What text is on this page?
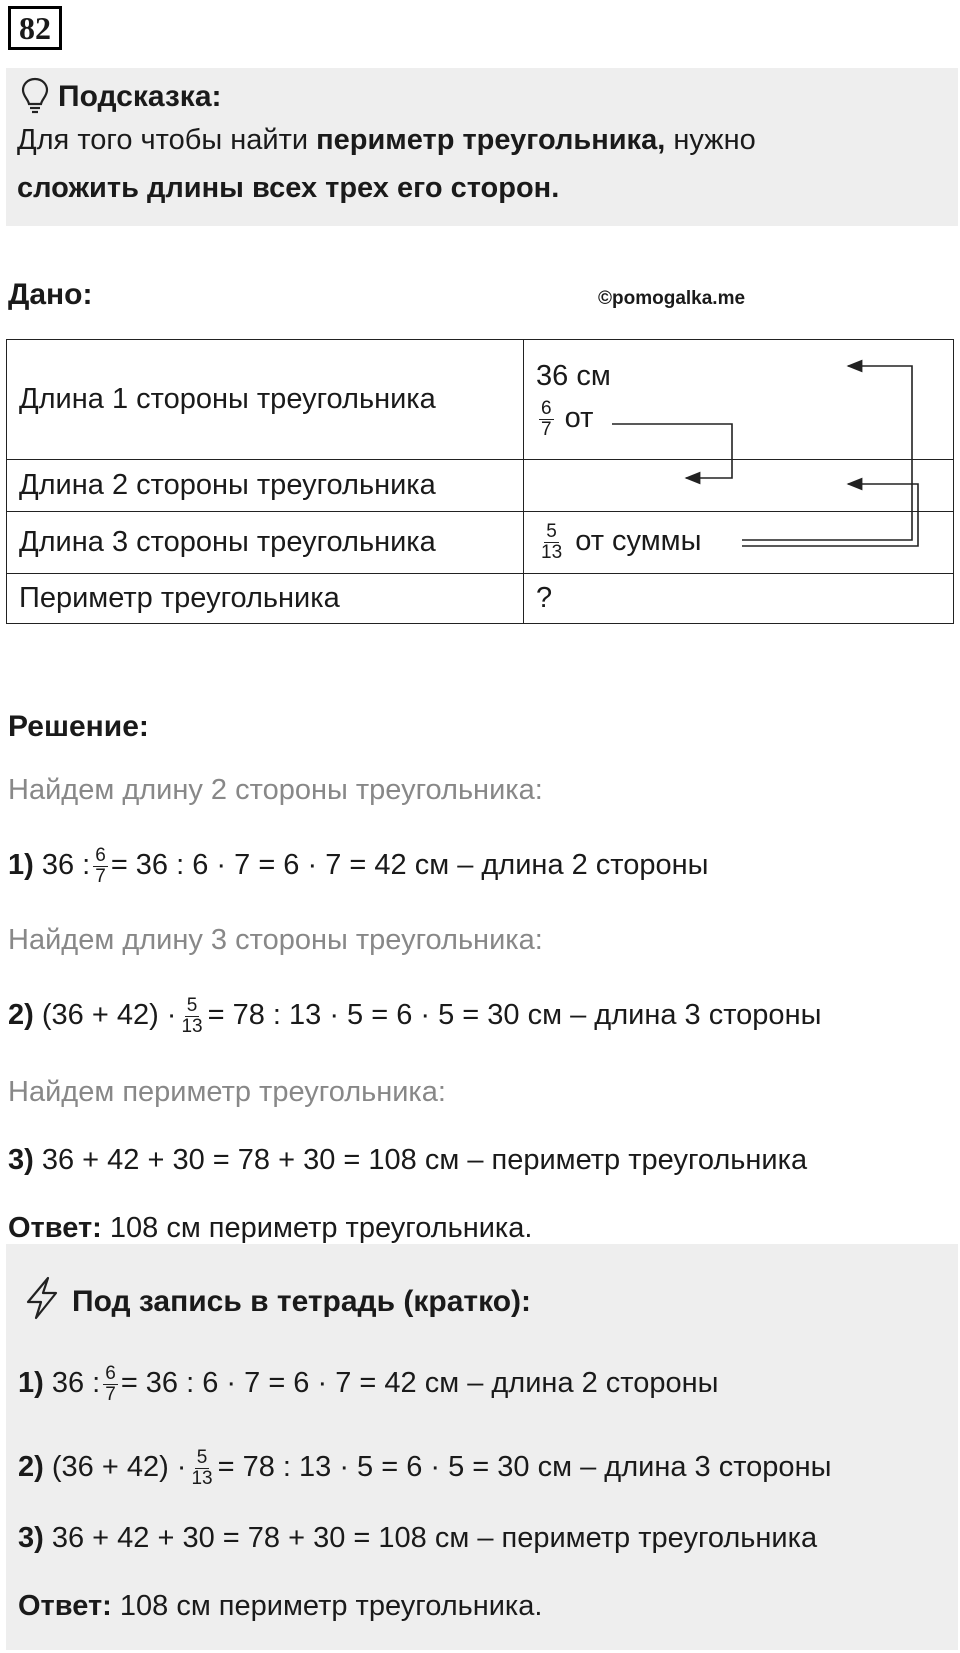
82
Подсказка:
Для того чтобы найти периметр треугольника, нужно
сложить длины всех трех его сторон.
Дано:	©pomogalka.me
Длина 1 стороны треугольника	36 см
$\frac{6}{7}$ от

Длина 2 стороны треугольника	
Длина 3 стороны треугольника	$\frac{5}{13}$ от суммы
Периметр треугольника	?
Решение:
Найдем длину 2 стороны треугольника:
1) 36 : $\frac{6}{7} = 36$ : 6 · 7 = 6 · 7 = 42 см – длина 2 стороны
Найдем длину 3 стороны треугольника:
2) $(36 + 42) \cdot \frac{5}{13} = 78$ : 13 · 5 = 6 · 5 = 30 см – длина 3 стороны
Найдем периметр треугольника:
3) 36 + 42 + 30 = 78 + 30 = 108 см – периметр треугольника
Ответ: 108 см периметр треугольника.
Под запись в тетрадь (кратко):
1) 36 : $\frac{6}{7} = 36$ : 6 · 7 = 6 · 7 = 42 см – длина 2 стороны
2) $(36 + 42) \cdot \frac{5}{13} = 78$ : 13 · 5 = 6 · 5 = 30 см – длина 3 стороны
3) 36 + 42 + 30 = 78 + 30 = 108 см – периметр треугольника
Ответ: 108 см периметр треугольника.
